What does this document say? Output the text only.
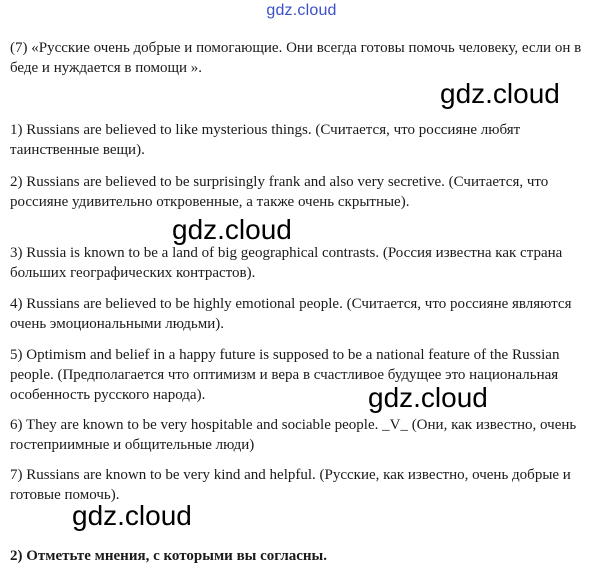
gdz.cloud

(7) «Русские очень добрые и помогающие. Они всегда готовы помочь человеку, если он в беде и нуждается в помощи ».

1) Russians are believed to like mysterious things. (Считается, что россияне любят таинственные вещи).

2) Russians are believed to be surprisingly frank and also very secretive. (Считается, что россияне удивительно откровенные, а также очень скрытные).

3) Russia is known to be a land of big geographical contrasts. (Россия известна как страна больших географических контрастов).

4) Russians are believed to be highly emotional people. (Считается, что россияне являются очень эмоциональными людьми).

5) Optimism and belief in a happy future is supposed to be a national feature of the Russian people. (Предполагается что оптимизм и вера в счастливое будущее это национальная особенность русского народа).

6) They are known to be very hospitable and sociable people. _V_ (Они, как известно, очень гостеприимные и общительные люди)

7) Russians are known to be very kind and helpful. (Русские, как известно, очень добрые и готовые помочь).

2) Отметьте мнения, с которыми вы согласны.

gdz.cloud
gdz.cloud
gdz.cloud
gdz.cloud
